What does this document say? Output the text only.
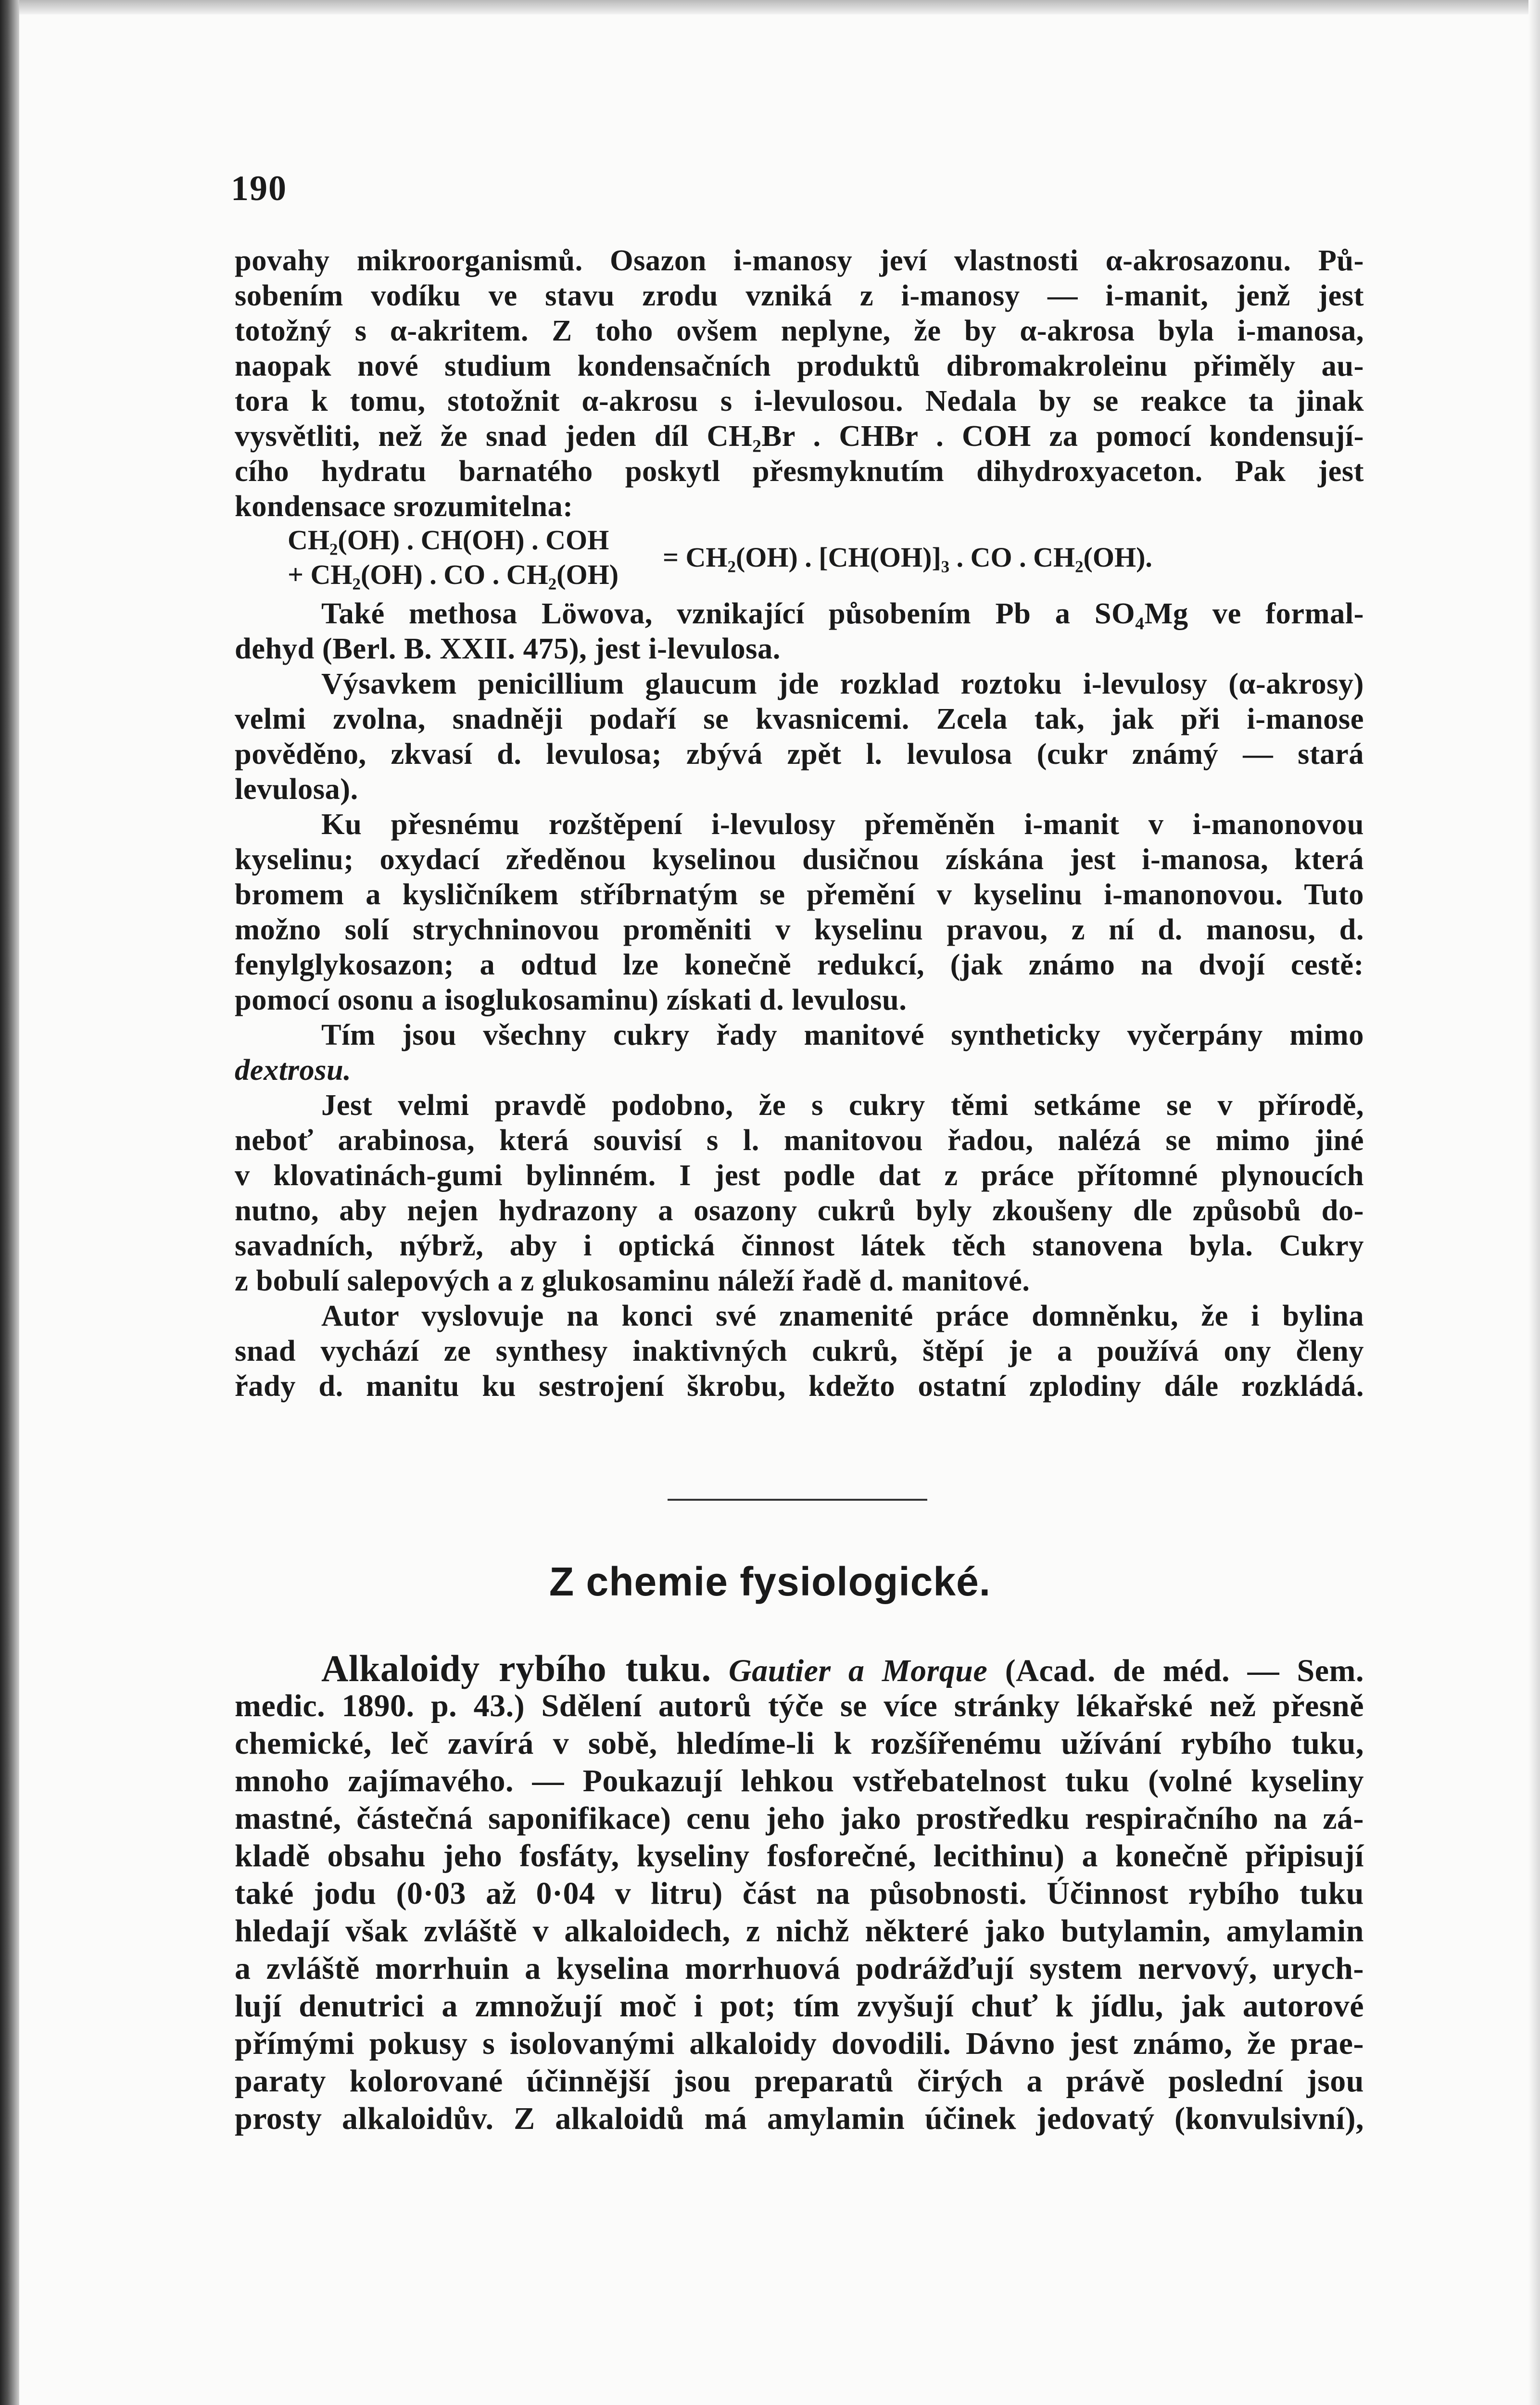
190
povahy mikroorganismů. Osazon i-manosy jeví vlastnosti α-akrosazonu. Pů-
sobením vodíku ve stavu zrodu vzniká z i-manosy — i-manit, jenž jest
totožný s α-akritem. Z toho ovšem neplyne, že by α-akrosa byla i-manosa,
naopak nové studium kondensačních produktů dibromakroleinu přiměly au-
tora k tomu, stotožnit α-akrosu s i-levulosou. Nedala by se reakce ta jinak
vysvětliti, než že snad jeden díl CH₂Br . CHBr . COH za pomocí kondensují-
cího hydratu barnatého poskytl přesmyknutím dihydroxyaceton. Pak jest
kondensace srozumitelna:
CH₂(OH) . CH(OH) . COH
+ CH₂(OH) . CO . CH₂(OH)
= CH₂(OH) . [CH(OH)]₃ . CO . CH₂(OH).
Také methosa Löwova, vznikající působením Pb a SO₄Mg ve formal-
dehyd (Berl. B. XXII. 475), jest i-levulosa.
Výsavkem penicillium glaucum jde rozklad roztoku i-levulosy (α-akrosy)
velmi zvolna, snadněji podaří se kvasnicemi. Zcela tak, jak při i-manose
pověděno, zkvasí d. levulosa; zbývá zpět l. levulosa (cukr známý — stará
levulosa).
Ku přesnému rozštěpení i-levulosy přeměněn i-manit v i-manonovou
kyselinu; oxydací zředěnou kyselinou dusičnou získána jest i-manosa, která
bromem a kysličníkem stříbrnatým se přemění v kyselinu i-manonovou. Tuto
možno solí strychninovou proměniti v kyselinu pravou, z ní d. manosu, d.
fenylglykosazon; a odtud lze konečně redukcí, (jak známo na dvojí cestě:
pomocí osonu a isoglukosaminu) získati d. levulosu.
Tím jsou všechny cukry řady manitové syntheticky vyčerpány mimo
dextrosu.
Jest velmi pravdě podobno, že s cukry těmi setkáme se v přírodě,
neboť arabinosa, která souvisí s l. manitovou řadou, nalézá se mimo jiné
v klovatinách-gumi bylinném. I jest podle dat z práce přítomné plynoucích
nutno, aby nejen hydrazony a osazony cukrů byly zkoušeny dle způsobů do-
savadních, nýbrž, aby i optická činnost látek těch stanovena byla. Cukry
z bobulí salepových a z glukosaminu náleží řadě d. manitové.
Autor vyslovuje na konci své znamenité práce domněnku, že i bylina
snad vychází ze synthesy inaktivných cukrů, štěpí je a používá ony členy
řady d. manitu ku sestrojení škrobu, kdežto ostatní zplodiny dále rozkládá.
Z chemie fysiologické.
Alkaloidy rybího tuku. Gautier a Morque (Acad. de méd. — Sem.
medic. 1890. p. 43.) Sdělení autorů týče se více stránky lékařské než přesně
chemické, leč zavírá v sobě, hledíme-li k rozšířenému užívání rybího tuku,
mnoho zajímavého. — Poukazují lehkou vstřebatelnost tuku (volné kyseliny
mastné, částečná saponifikace) cenu jeho jako prostředku respiračního na zá-
kladě obsahu jeho fosfáty, kyseliny fosforečné, lecithinu) a konečně připisují
také jodu (0·03 až 0·04 v litru) část na působnosti. Účinnost rybího tuku
hledají však zvláště v alkaloidech, z nichž některé jako butylamin, amylamin
a zvláště morrhuin a kyselina morrhuová podrážďují system nervový, urych-
lují denutrici a zmnožují moč i pot; tím zvyšují chuť k jídlu, jak autorové
přímými pokusy s isolovanými alkaloidy dovodili. Dávno jest známo, že prae-
paraty kolorované účinnější jsou preparatů čirých a právě poslední jsou
prosty alkaloidův. Z alkaloidů má amylamin účinek jedovatý (konvulsivní),
